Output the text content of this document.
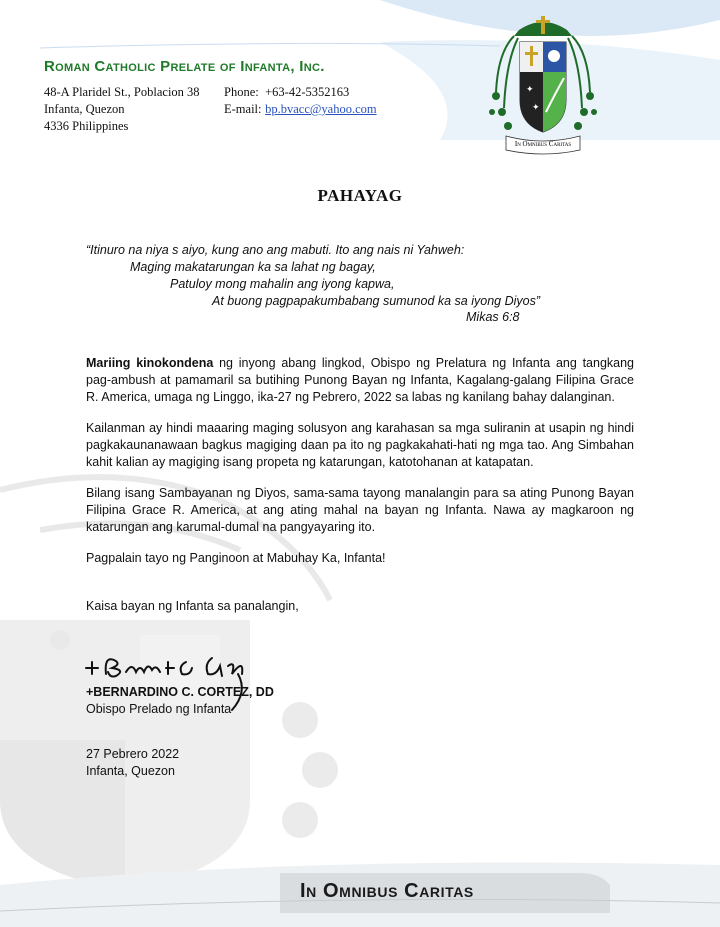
Roman Catholic Prelate of Infanta, Inc.
48-A Plaridel St., Poblacion 38
Infanta, Quezon
4336 Philippines
Phone: +63-42-5352163
E-mail: bp.bvacc@yahoo.com
✦
✦
In Omnibus Caritas
PAHAYAG
“Itinuro na niya s aiyo, kung ano ang mabuti. Ito ang nais ni Yahweh:
Maging makatarungan ka sa lahat ng bagay,
Patuloy mong mahalin ang iyong kapwa,
At buong pagpapakumbabang sumunod ka sa iyong Diyos”
Mikas 6:8

Mariing kinokondena ng inyong abang lingkod, Obispo ng Prelatura ng Infanta ang tangkang pag-ambush at pamamaril sa butihing Punong Bayan ng Infanta, Kagalang-galang Filipina Grace R. America, umaga ng Linggo, ika-27 ng Pebrero, 2022 sa labas ng kanilang bahay dalanginan.

Kailanman ay hindi maaaring maging solusyon ang karahasan sa mga suliranin at usapin ng hindi pagkakaunanawaan bagkus magiging daan pa ito ng pagkakahati-hati ng mga tao. Ang Simbahan kahit kalian ay magiging isang propeta ng katarungan, katotohanan at katapatan.

Bilang isang Sambayanan ng Diyos, sama-sama tayong manalangin para sa ating Punong Bayan Filipina Grace R. America, at ang ating mahal na bayan ng Infanta. Nawa ay magkaroon ng katarungan ang karumal-dumal na pangyayaring ito.

Pagpalain tayo ng Panginoon at Mabuhay Ka, Infanta!

Kaisa bayan ng Infanta sa panalangin,

+BERNARDINO C. CORTEZ, DD
Obispo Prelado ng Infanta
27 Pebrero 2022
Infanta, Quezon
In Omnibus Caritas
